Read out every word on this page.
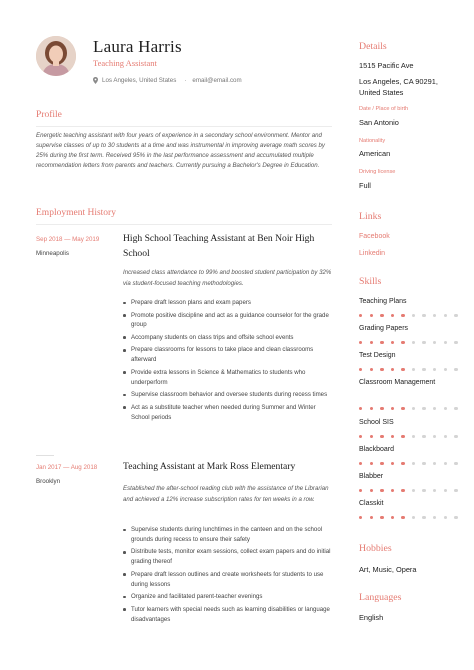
Laura Harris
Teaching Assistant
Los Angeles, United States · email@email.com
Profile
Energetic teaching assistant with four years of experience in a secondary school environment. Mentor and supervise classes of up to 30 students at a time and was instrumental in improving average math scores by 25% during the first term. Received 95% in the last performance assessment and accumulated multiple recommendation letters from parents and teachers. Currently pursuing a Bachelor's Degree in Education.
Employment History
Sep 2018 — May 2019
Minneapolis
High School Teaching Assistant at Ben Noir High School
Increased class attendance to 99% and boosted student participation by 32% via student-focused teaching methodologies.
Prepare draft lesson plans and exam papers
Promote positive discipline and act as a guidance counselor for the grade group
Accompany students on class trips and offsite school events
Prepare classrooms for lessons to take place and clean classrooms afterward
Provide extra lessons in Science & Mathematics to students who underperform
Supervise classroom behavior and oversee students during recess times
Act as a substitute teacher when needed during Summer and Winter School periods
Jan 2017 — Aug 2018
Brooklyn
Teaching Assistant at Mark Ross Elementary
Established the after-school reading club with the assistance of the Librarian and achieved a 12% increase subscription rates for ten weeks in a row.
Supervise students during lunchtimes in the canteen and on the school grounds during recess to ensure their safety
Distribute tests, monitor exam sessions, collect exam papers and do initial grading thereof
Prepare draft lesson outlines and create worksheets for students to use during lessons
Organize and facilitated parent-teacher evenings
Tutor learners with special needs such as learning disabilities or language disadvantages
Details
1515 Pacific Ave
Los Angeles, CA 90291, United States
Date / Place of birth
San Antonio
Nationality
American
Driving license
Full
Links
Facebook
Linkedin
Skills
Teaching Plans
Grading Papers
Test Design
Classroom Management
School SIS
Blackboard
Blabber
Classkit
Hobbies
Art, Music, Opera
Languages
English
